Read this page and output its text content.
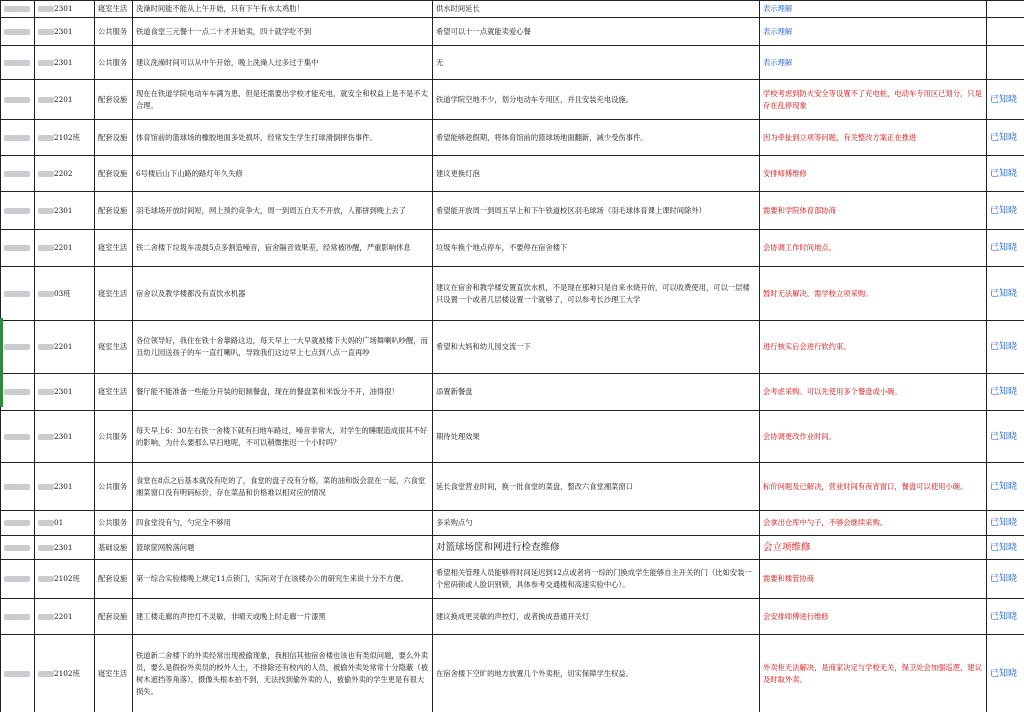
	2301	寝室生活	洗澡时间能不能从上午开始，只有下午有水太鸡肋！	供水时间延长	表示理解	
	2301	公共服务	铁道食堂三元餐十一点二十才开始卖，四十就学吃不到	希望可以十一点就能卖爱心餐	表示理解	
	2301	公共服务	建议洗澡时间可以从中午开始，晚上洗澡人过多过于集中	无	表示理解	
	2201	配套设施	现在在铁道学院电动车车满为患，但是还需要出学校才能充电，就安全和权益上是不是不太合理。	铁道学院空地不少，划分电动车专用区，并且安装充电设施。	学校考虑到防火安全等设置不了充电桩，电动车专用区已划分，只是存在乱停现象	已知晓
	2102班	配套设施	体育馆前的篮球场的橡胶地面多处损坏，经常发生学生打球滑倒摔伤事件。	希望能够趁假期，将体育馆前的篮球场地面翻新，减少受伤事件。	因为牵扯到立项等问题，有关整改方案正在推进	已知晓
	2202	配套设施	6号楼后山下山路的路灯年久失修	建议更换灯泡	安排师傅维修	已知晓
	2301	配套设施	羽毛球场开放时间短，网上预约竞争大，周一到周五白天不开放，人都拼到晚上去了	希望能开放周一到周五早上和下午铁道校区羽毛球场（羽毛球体育课上课时间除外）	需要和学院体育部协商	已知晓
	2201	寝室生活	铁二舍楼下垃圾车凌晨5点多割造噪音，宿舍隔音效果差，经常被吵醒，严重影响休息	垃圾车换个地点停车，不要停在宿舍楼下	会协调工作时间地点。	已知晓
	03班	寝室生活	宿舍以及教学楼都没有直饮水机器	建议在宿舍和教学楼安置直饮水机，不是现在那种只是自来水烧开的，可以收费使用，可以一层楼只设置一个或者几层楼设置一个就够了，可以参考长沙理工大学	暂时无法解决，需学校立项采购。	已知晓
	2201	寝室生活	各位领导好，我住在铁十舍靠路这边，每天早上一大早就被楼下大妈的广场舞喇叭吵醒，而且幼儿园送孩子的车一直打喇叭，导致我们这边早上七点到八点一直再吵	希望和大妈和幼儿园交流一下	进行核实后会进行软约束。	已知晓
	2301	寝室生活	餐厅能不能准备一些能分开装的铝制餐盘，现在的餐盘菜和米饭分不开，油得很！	添置新餐盘	会考虑采购。可以先使用多个餐盘或小碗。	已知晓
	2301	公共服务	每天早上6：30左右铁一舍楼下就有扫地车路过，噪音非常大，对学生的睡眠造成很其不好的影响，为什么要那么早扫地呢，不可以稍微推迟一个小时吗？	期待处理效果	会协调更改作业时间。	已知晓
	2301	公共服务	食堂在8点之后基本就没有吃的了，食堂的盘子没有分格，菜的油和饭会混在一起，六食堂湘菜窗口没有明码标价，存在菜品和价格难以相对应的情况	延长食堂营业时间，换一批食堂的菜盘，整改六食堂湘菜窗口	标价问题及已解决，营业时间有夜宵窗口，餐盘可以使用小碗。	已知晓
	01	公共服务	四食堂没有勺，勺完全不够用	多采购点勺	会拿出仓库中勺子，不够会继续采购。	已知晓
	2301	基础设施	篮球筐网脱落问题	对篮球场筐和网进行检查维修	会立项维修	已知晓
	2102班	配套设施	第一综合实验楼晚上规定11点锁门，实际对于在该楼办公的研究生来说十分不方便。	希望相关管理人员能够将时间延迟到12点或者将一综的门换成学生能够自主开关的门（比如安装一个密码锁或人脸识别锁，具体参考交通楼和高速实验中心）。	需要和楼管协商	已知晓
	2201	配套设施	建工楼走廊的声控灯不灵敏，非晴天或晚上时走廊一片漆黑	建议换成更灵敏的声控灯，或者换成普通开关灯	会安排师傅进行维修	已知晓
	2102班	寝室生活	铁道新二舍楼下的外卖经常出现被偷现象，我相信其他宿舍楼也该也有类似问题，要么外卖员，要么是假扮外卖员的校外人士，不排除还有校内的人员，被偷外卖处常常十分隐蔽（被树木遮挡等角落），摄像头根本拍不到，无法找到偷外卖的人，被偷外卖的学生更是有很大损失。	在宿舍楼下空旷的地方放置几个外卖柜，切实保障学生权益。	外卖柜无法解决，是商家决定与学校无关，保卫处会加强巡逻，建议及时取外卖。	已知晓
